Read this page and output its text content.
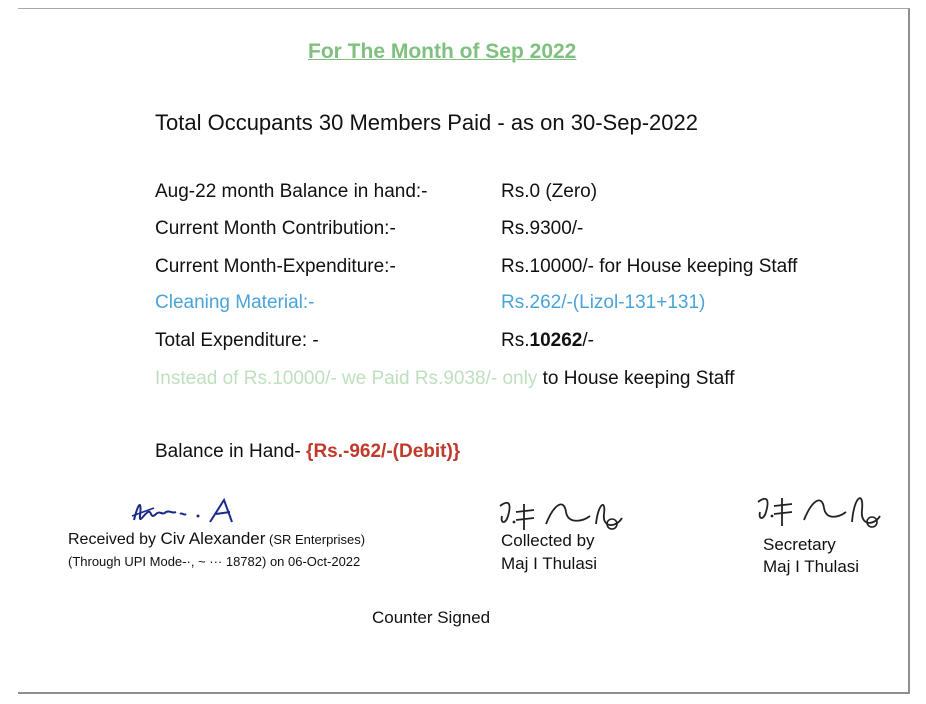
For The Month of Sep 2022
Total Occupants 30 Members Paid - as on 30-Sep-2022
Aug-22 month Balance in hand:-	Rs.0 (Zero)
Current Month Contribution:-	Rs.9300/-
Current Month-Expenditure:-	Rs.10000/- for House keeping Staff
Cleaning Material:-	Rs.262/-(Lizol-131+131)
Total Expenditure: -	Rs.10262/-
Instead of Rs.10000/- we Paid Rs.9038/- only to House keeping Staff
Balance in Hand- {Rs.-962/-(Debit)}
Received by Civ Alexander (SR Enterprises)
(Through UPI Mode-·, ~ ··· 18782) on 06-Oct-2022
Collected by
Maj I Thulasi
Secretary
Maj I Thulasi
Counter Signed
